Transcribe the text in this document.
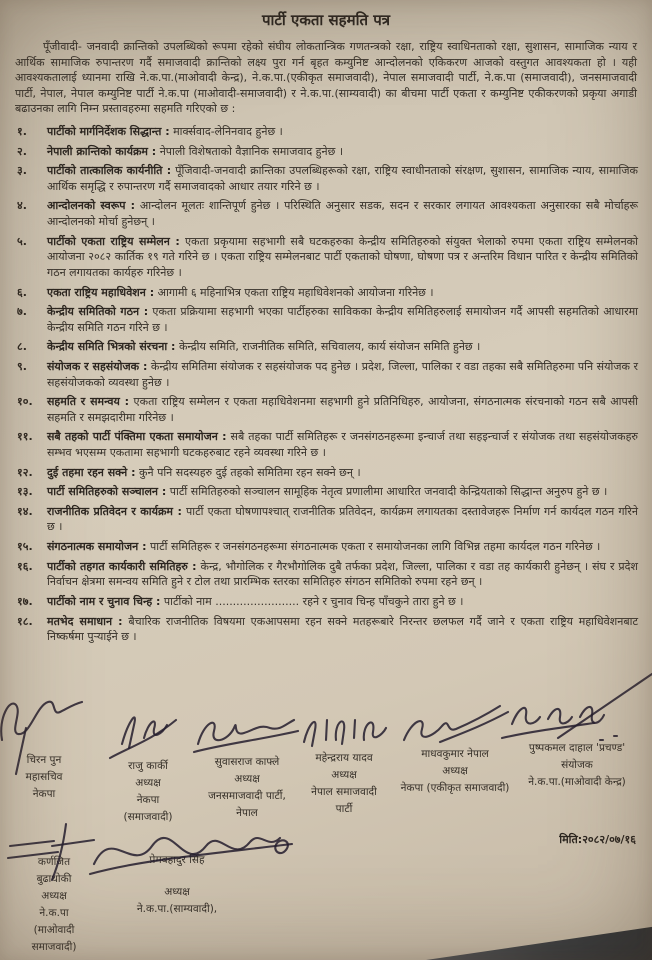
पार्टी एकता सहमति पत्र
पूँजीवादी- जनवादी क्रान्तिको उपलब्धिको रूपमा रहेको संघीय लोकतान्त्रिक गणतन्त्रको रक्षा, राष्ट्रिय स्वाधिनताको रक्षा, सुशासन, सामाजिक न्याय र आर्थिक सामाजिक रुपान्तरण गर्दै समाजवादी क्रान्तिको लक्ष्य पुरा गर्न बृहत कम्युनिष्ट आन्दोलनको एकिकरण आजको वस्तुगत आवश्यकता हो । यही आवश्यकतालाई ध्यानमा राखि ने.क.पा.(माओवादी केन्द्र), ने.क.पा.(एकीकृत समाजवादी), नेपाल समाजवादी पार्टी, ने.क.पा (समाजवादी), जनसमाजवादी पार्टी, नेपाल, नेपाल कम्युनिष्ट पार्टी ने.क.पा (माओवादी-समाजवादी) र ने.क.पा.(साम्यवादी) का बीचमा पार्टी एकता र कम्युनिष्ट एकीकरणको प्रकृया अगाडी बढाउनका लागि निम्न प्रस्तावहरुमा सहमति गरिएको छ :
१.	पार्टीको मार्गनिर्देशक सिद्धान्त : मार्क्सवाद-लेनिनवाद हुनेछ ।
२.	नेपाली क्रान्तिको कार्यक्रम : नेपाली विशेषताको वैज्ञानिक समाजवाद हुनेछ ।
३.	पार्टीको तात्कालिक कार्यनीति : पूँजिवादी-जनवादी क्रान्तिका उपलब्धिहरूको रक्षा, राष्ट्रिय स्वाधीनताको संरक्षण, सुशासन, सामाजिक न्याय, सामाजिक आर्थिक समृद्धि र रुपान्तरण गर्दै समाजवादको आधार तयार गरिने छ ।
४.	आन्दोलनको स्वरूप : आन्दोलन मूलतः शान्तिपूर्ण हुनेछ । परिस्थिति अनुसार सडक, सदन र सरकार लगायत आवश्यकता अनुसारका सबै मोर्चाहरू आन्दोलनको मोर्चा हुनेछन् ।
५.	पार्टीको एकता राष्ट्रिय सम्मेलन : एकता प्रकृयामा सहभागी सबै घटकहरुका केन्द्रीय समितिहरुको संयुक्त भेलाको रुपमा एकता राष्ट्रिय सम्मेलनको आयोजना २०८२ कार्तिक १९ गते गरिने छ । एकता राष्ट्रिय सम्मेलनबाट पार्टी एकताको घोषणा, घोषणा पत्र र अन्तरिम विधान पारित र केन्द्रीय समितिको गठन लगायतका कार्यहरु गरिनेछ ।
६.	एकता राष्ट्रिय महाधिवेशन : आगामी ६ महिनाभित्र एकता राष्ट्रिय महाधिवेशनको आयोजना गरिनेछ ।
७.	केन्द्रीय समितिको गठन : एकता प्रक्रियामा सहभागी भएका पार्टीहरुका साविकका केन्द्रीय समितिहरुलाई समायोजन गर्दै आपसी सहमतिको आधारमा केन्द्रीय समिति गठन गरिने छ ।
८.	केन्द्रीय समिति भित्रको संरचना : केन्द्रीय समिति, राजनीतिक समिति, सचिवालय, कार्य संयोजन समिति हुनेछ ।
९.	संयोजक र सहसंयोजक : केन्द्रीय समितिमा संयोजक र सहसंयोजक पद हुनेछ । प्रदेश, जिल्ला, पालिका र वडा तहका सबै समितिहरुमा पनि संयोजक र सहसंयोजकको व्यवस्था हुनेछ ।
१०.	सहमति र समन्वय : एकता राष्ट्रिय सम्मेलन र एकता महाधिवेशनमा सहभागी हुने प्रतिनिधिहरु, आयोजना, संगठनात्मक संरचनाको गठन सबै आपसी सहमति र समझदारीमा गरिनेछ ।
११.	सबै तहको पार्टी पंक्तिमा एकता समायोजन : सबै तहका पार्टी समितिहरू र जनसंगठनहरूमा इन्चार्ज तथा सहइन्चार्ज र संयोजक तथा सहसंयोजकहरु सम्भव भएसम्म एकतामा सहभागी घटकहरुबाट रहने व्यवस्था गरिने छ ।
१२.	दुई तहमा रहन सक्ने : कुनै पनि सदस्यहरु दुई तहको समितिमा रहन सक्ने छन् ।
१३.	पार्टी समितिहरुको सञ्चालन : पार्टी समितिहरुको सञ्चालन सामूहिक नेतृत्व प्रणालीमा आधारित जनवादी केन्द्रियताको सिद्धान्त अनुरुप हुने छ ।
१४.	राजनीतिक प्रतिवेदन र कार्यक्रम : पार्टी एकता घोषणापश्चात् राजनीतिक प्रतिवेदन, कार्यक्रम लगायतका दस्तावेजहरू निर्माण गर्न कार्यदल गठन गरिने छ ।
१५.	संगठनात्मक समायोजन : पार्टी समितिहरू र जनसंगठनहरूमा संगठनात्मक एकता र समायोजनका लागि विभिन्न तहमा कार्यदल गठन गरिनेछ ।
१६.	पार्टीको तहगत कार्यकारी समितिहरु : केन्द्र, भौगोलिक र गैरभौगोलिक दुबै तर्फका प्रदेश, जिल्ला, पालिका र वडा तह कार्यकारी हुनेछन् । संघ र प्रदेश निर्वाचन क्षेत्रमा समन्वय समिति हुने र टोल तथा प्रारम्भिक स्तरका समितिहरु संगठन समितिको रुपमा रहने छन् ।
१७.	पार्टीको नाम र चुनाव चिन्ह : पार्टीको नाम ........................ रहने र चुनाव चिन्ह पाँचकुने तारा हुने छ ।
१८.	मतभेद समाधान : बैचारिक राजनीतिक विषयमा एकआपसमा रहन सक्ने मतहरूबारे निरन्तर छलफल गर्दै जाने र एकता राष्ट्रिय महाधिवेशनबाट निष्कर्षमा पुऱ्याईने छ ।
चिरन पुन
महासचिव
नेकपा
राजु कार्की
अध्यक्ष
नेकपा
(समाजवादी)
सुवासराज काफ्ले
अध्यक्ष
जनसमाजवादी पार्टी,
नेपाल
महेन्द्रराय यादव
अध्यक्ष
नेपाल समाजवादी
पार्टी
माधवकुमार नेपाल
अध्यक्ष
नेकपा (एकीकृत समाजवादी)
पुष्पकमल दाहाल 'प्रचण्ड'
संयोजक
ने.क.पा.(माओवादी केन्द्र)
कर्णजित
बुढाथोकी
अध्यक्ष
ने.क.पा
(माओवादी
समाजवादी)
प्रेमबहादुर सिंह
अध्यक्ष
ने.क.पा.(साम्यवादी),
मिति:२०८२/०७/१६
